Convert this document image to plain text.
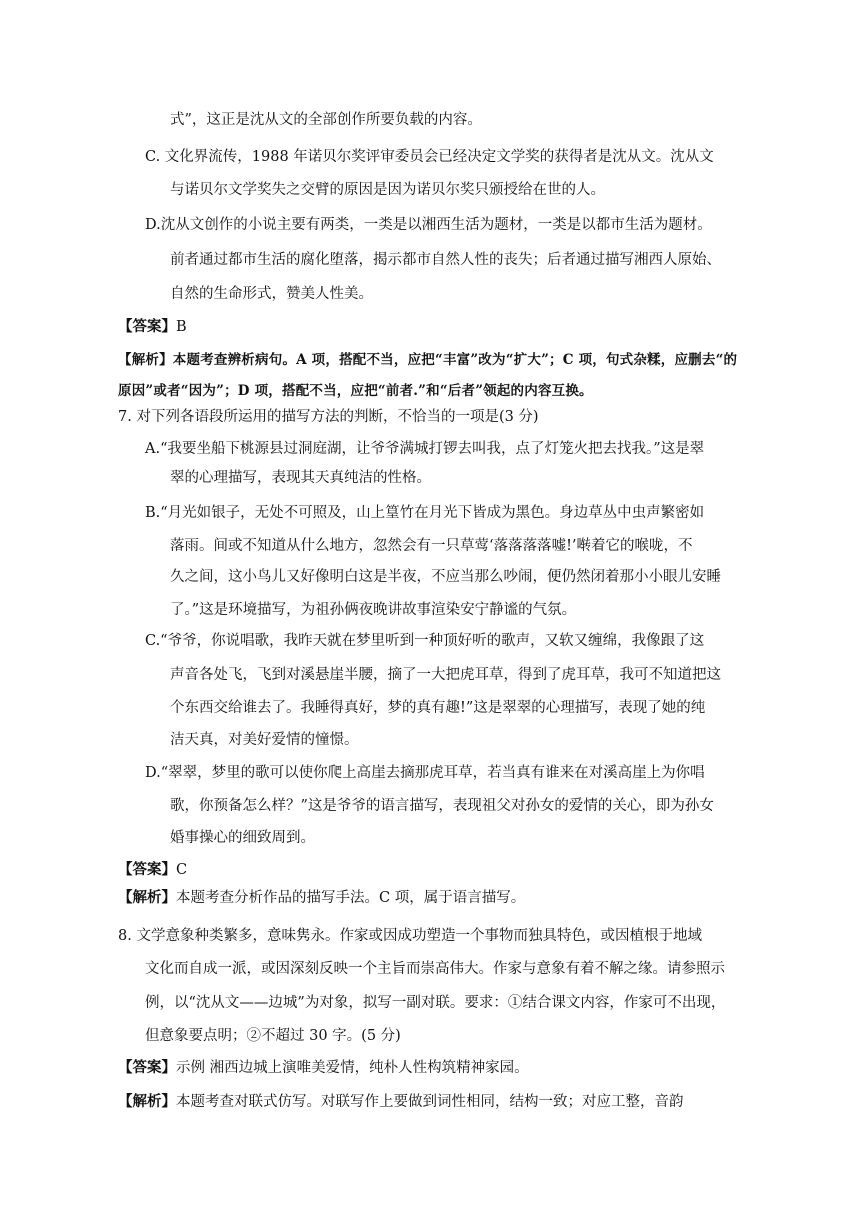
式”，这正是沈从文的全部创作所要负载的内容。
C. 文化界流传，1988 年诺贝尔奖评审委员会已经决定文学奖的获得者是沈从文。沈从文
与诺贝尔文学奖失之交臂的原因是因为诺贝尔奖只颁授给在世的人。
D.沈从文创作的小说主要有两类，一类是以湘西生活为题材，一类是以都市生活为题材。
前者通过都市生活的腐化堕落，揭示都市自然人性的丧失；后者通过描写湘西人原始、
自然的生命形式，赞美人性美。
【答案】B
【解析】本题考查辨析病句。A 项，搭配不当，应把“丰富”改为“扩大”；C 项，句式杂糅，应删去“的
原因”或者“因为”；D 项，搭配不当，应把“前者.”和“后者”领起的内容互换。
7. 对下列各语段所运用的描写方法的判断，不恰当的一项是(3 分)
A.“我要坐船下桃源县过洞庭湖，让爷爷满城打锣去叫我，点了灯笼火把去找我。”这是翠
翠的心理描写，表现其天真纯洁的性格。
B.“月光如银子，无处不可照及，山上篁竹在月光下皆成为黑色。身边草丛中虫声繁密如
落雨。间或不知道从什么地方，忽然会有一只草莺‘落落落落嘘!’啭着它的喉咙，不
久之间，这小鸟儿又好像明白这是半夜，不应当那么吵闹，便仍然闭着那小小眼儿安睡
了。”这是环境描写，为祖孙俩夜晚讲故事渲染安宁静谧的气氛。
C.“爷爷，你说唱歌，我昨天就在梦里听到一种顶好听的歌声，又软又缠绵，我像跟了这
声音各处飞，飞到对溪悬崖半腰，摘了一大把虎耳草，得到了虎耳草，我可不知道把这
个东西交给谁去了。我睡得真好，梦的真有趣!”这是翠翠的心理描写，表现了她的纯
洁天真，对美好爱情的憧憬。
D.“翠翠，梦里的歌可以使你爬上高崖去摘那虎耳草，若当真有谁来在对溪高崖上为你唱
歌，你预备怎么样？”这是爷爷的语言描写，表现祖父对孙女的爱情的关心，即为孙女
婚事操心的细致周到。
【答案】C
【解析】本题考查分析作品的描写手法。C 项，属于语言描写。
8. 文学意象种类繁多，意味隽永。作家或因成功塑造一个事物而独具特色，或因植根于地域
文化而自成一派，或因深刻反映一个主旨而崇高伟大。作家与意象有着不解之缘。请参照示
例，以“沈从文——边城”为对象，拟写一副对联。要求：①结合课文内容，作家可不出现，
但意象要点明；②不超过 30 字。(5 分)
【答案】示例 湘西边城上演唯美爱情，纯朴人性构筑精神家园。
【解析】本题考查对联式仿写。对联写作上要做到词性相同，结构一致；对应工整，音韵
